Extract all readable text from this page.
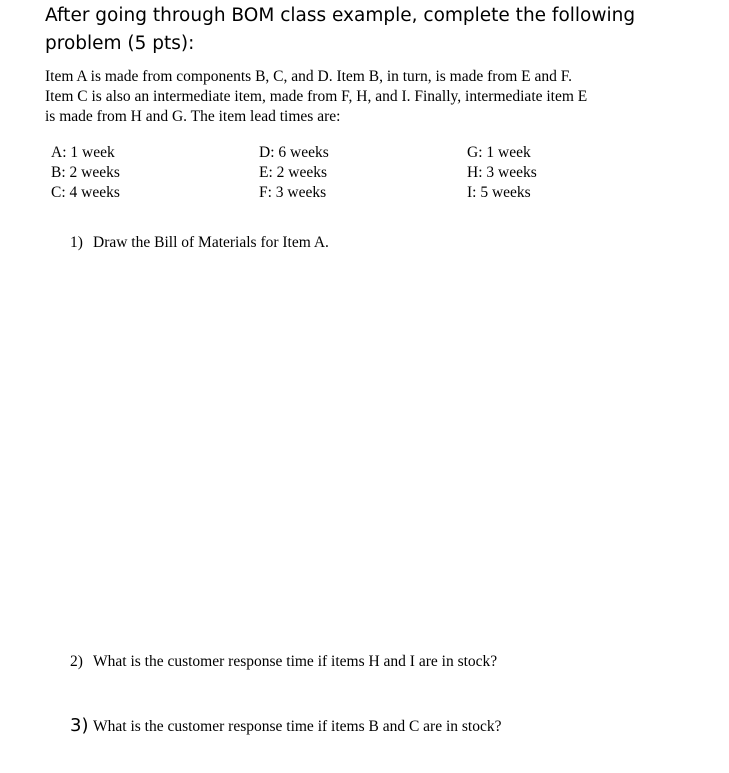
After going through BOM class example, complete the following
problem (5 pts):

Item A is made from components B, C, and D. Item B, in turn, is made from E and F.
Item C is also an intermediate item, made from F, H, and I. Finally, intermediate item E
is made from H and G. The item lead times are:

A: 1 week
B: 2 weeks
C: 4 weeks
D: 6 weeks
E: 2 weeks
F: 3 weeks
G: 1 week
H: 3 weeks
I: 5 weeks
1) Draw the Bill of Materials for Item A.
2) What is the customer response time if items H and I are in stock?
3) What is the customer response time if items B and C are in stock?
